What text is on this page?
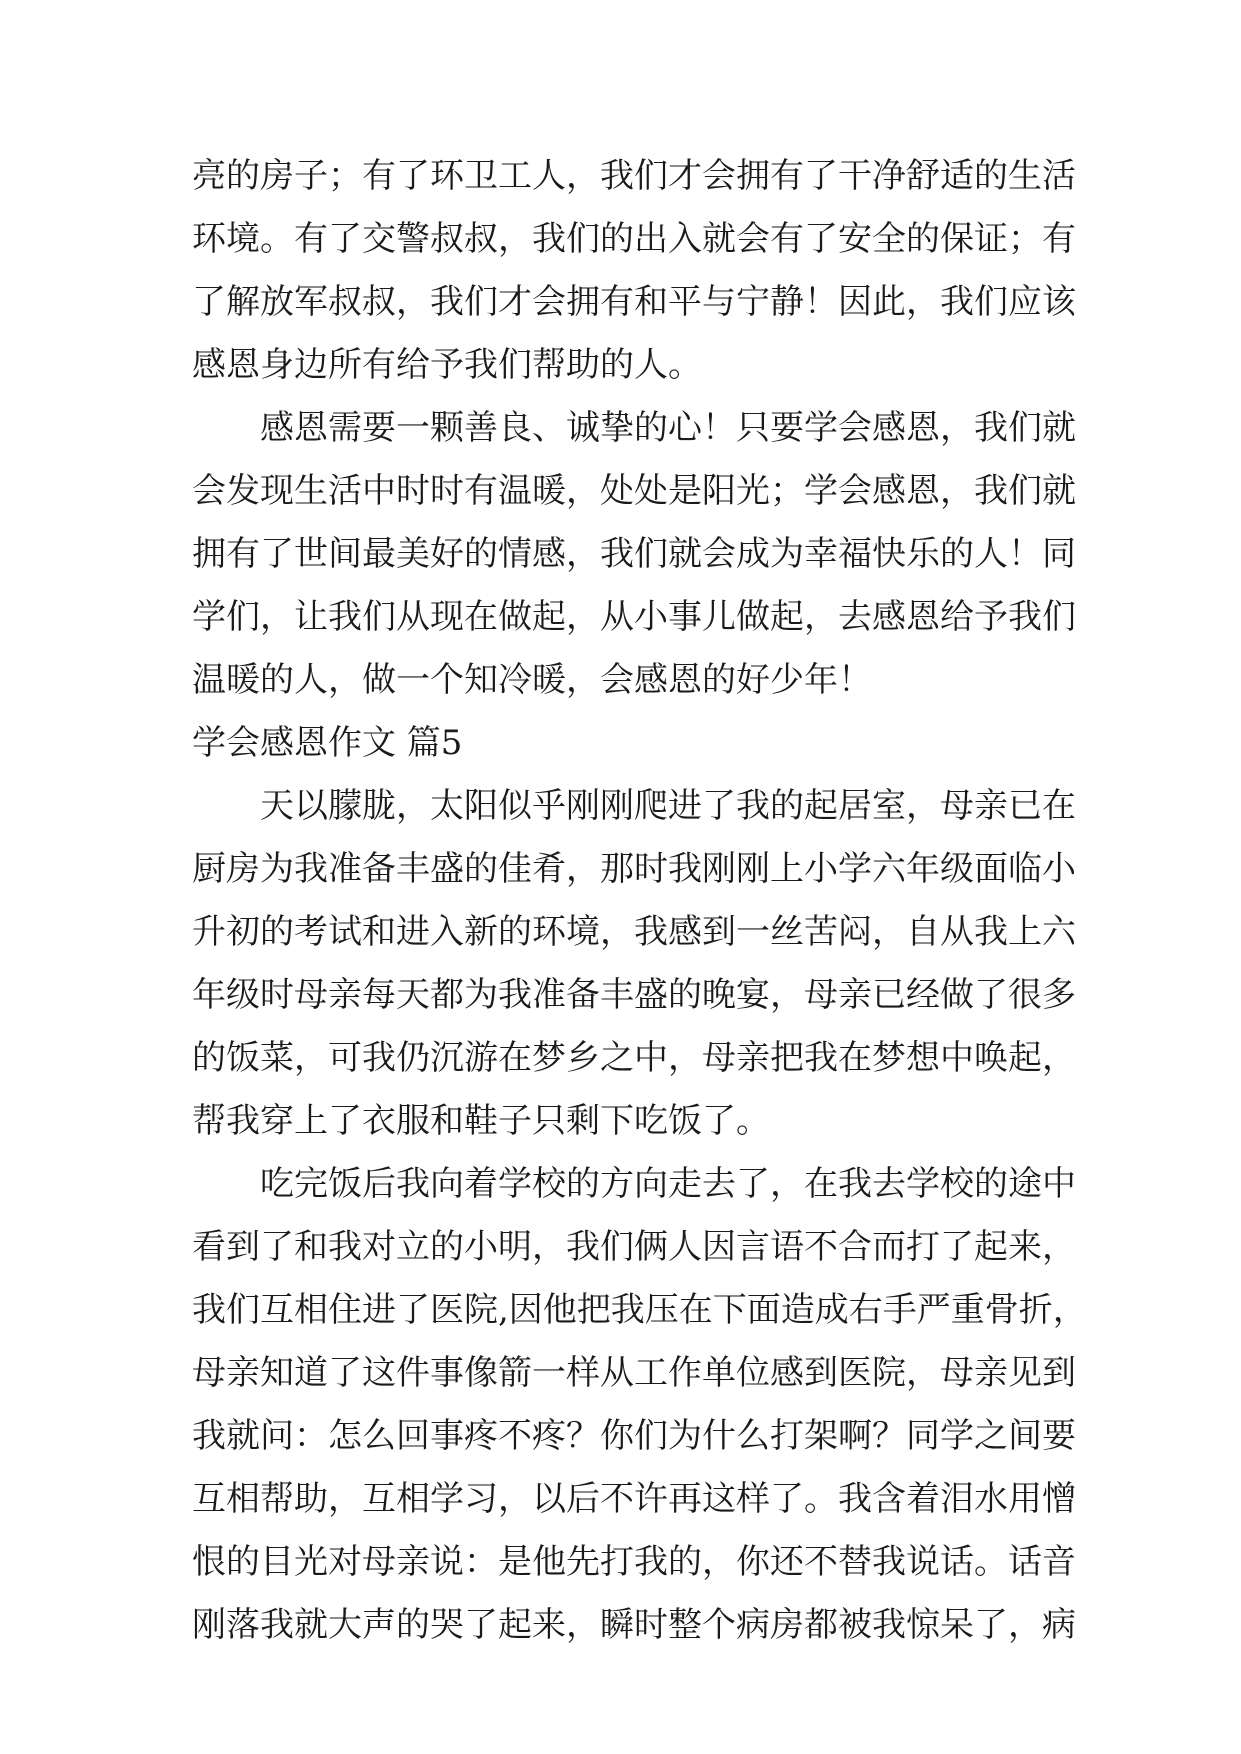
亮的房子；有了环卫工人，我们才会拥有了干净舒适的生活
环境。有了交警叔叔，我们的出入就会有了安全的保证；有
了解放军叔叔，我们才会拥有和平与宁静！因此，我们应该
感恩身边所有给予我们帮助的人。
感恩需要一颗善良、诚挚的心！只要学会感恩，我们就
会发现生活中时时有温暖，处处是阳光；学会感恩，我们就
拥有了世间最美好的情感，我们就会成为幸福快乐的人！同
学们，让我们从现在做起，从小事儿做起，去感恩给予我们
温暖的人，做一个知冷暖，会感恩的好少年！
学会感恩作文 篇5
天以朦胧，太阳似乎刚刚爬进了我的起居室，母亲已在
厨房为我准备丰盛的佳肴，那时我刚刚上小学六年级面临小
升初的考试和进入新的环境，我感到一丝苦闷，自从我上六
年级时母亲每天都为我准备丰盛的晚宴，母亲已经做了很多
的饭菜，可我仍沉游在梦乡之中，母亲把我在梦想中唤起，
帮我穿上了衣服和鞋子只剩下吃饭了。
吃完饭后我向着学校的方向走去了，在我去学校的途中
看到了和我对立的小明，我们俩人因言语不合而打了起来，
我们互相住进了医院,因他把我压在下面造成右手严重骨折，
母亲知道了这件事像箭一样从工作单位感到医院，母亲见到
我就问：怎么回事疼不疼？你们为什么打架啊？同学之间要
互相帮助，互相学习，以后不许再这样了。我含着泪水用憎
恨的目光对母亲说：是他先打我的，你还不替我说话。话音
刚落我就大声的哭了起来，瞬时整个病房都被我惊呆了，病
